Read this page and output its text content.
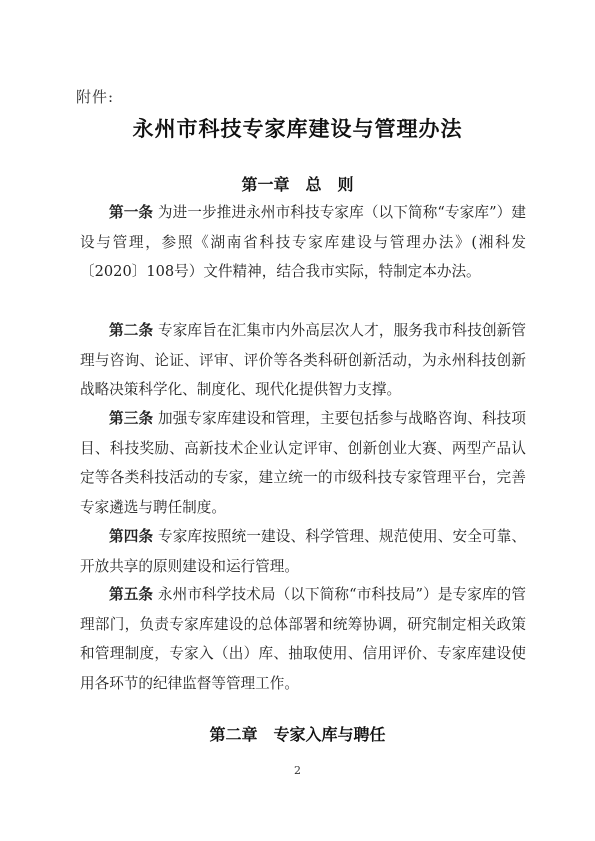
附件:
永州市科技专家库建设与管理办法
第一章　总　则

第一条 为进一步推进永州市科技专家库（以下简称“专家库”）建设与管理，参照《湖南省科技专家库建设与管理办法》(湘科发〔2020〕108号）文件精神，结合我市实际，特制定本办法。

第二条 专家库旨在汇集市内外高层次人才，服务我市科技创新管理与咨询、论证、评审、评价等各类科研创新活动，为永州科技创新战略决策科学化、制度化、现代化提供智力支撑。

第三条 加强专家库建设和管理，主要包括参与战略咨询、科技项目、科技奖励、高新技术企业认定评审、创新创业大赛、两型产品认定等各类科技活动的专家，建立统一的市级科技专家管理平台，完善专家遴选与聘任制度。

第四条 专家库按照统一建设、科学管理、规范使用、安全可靠、开放共享的原则建设和运行管理。

第五条 永州市科学技术局（以下简称“市科技局”）是专家库的管理部门，负责专家库建设的总体部署和统筹协调，研究制定相关政策和管理制度，专家入（出）库、抽取使用、信用评价、专家库建设使用各环节的纪律监督等管理工作。

第二章　专家入库与聘任
2
